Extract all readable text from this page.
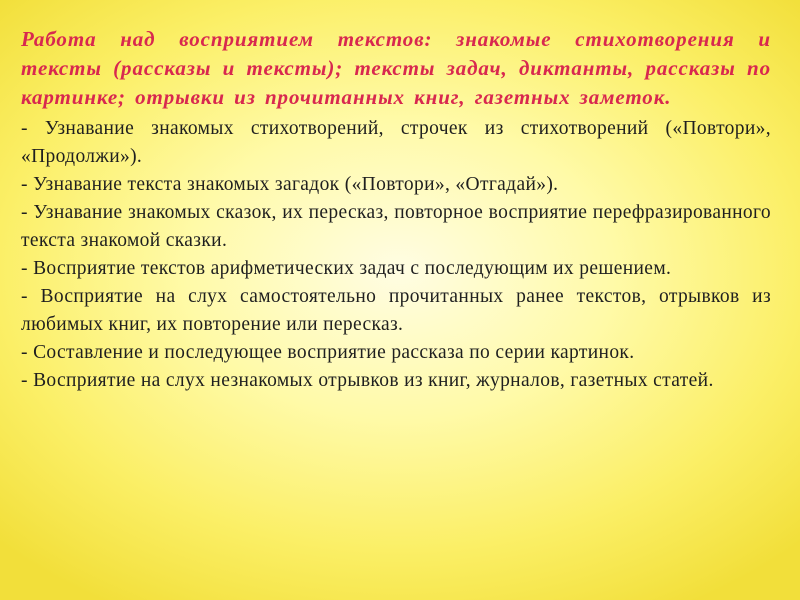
Работа над восприятием текстов: знакомые стихотворения и тексты (рассказы и тексты); тексты задач, диктанты, рассказы по картинке; отрывки из прочитанных книг, газетных заметок.

- Узнавание знакомых стихотворений, строчек из стихотворений («Повтори», «Продолжи»).

- Узнавание текста знакомых загадок («Повтори», «Отгадай»).

- Узнавание знакомых сказок, их пересказ, повторное восприятие перефразированного текста знакомой сказки.

- Восприятие текстов арифметических задач с последующим их решением.

- Восприятие на слух самостоятельно прочитанных ранее текстов, отрывков из любимых книг, их повторение или пересказ.

- Составление и последующее восприятие рассказа по серии картинок.

- Восприятие на слух незнакомых отрывков из книг, журналов, газетных статей.
